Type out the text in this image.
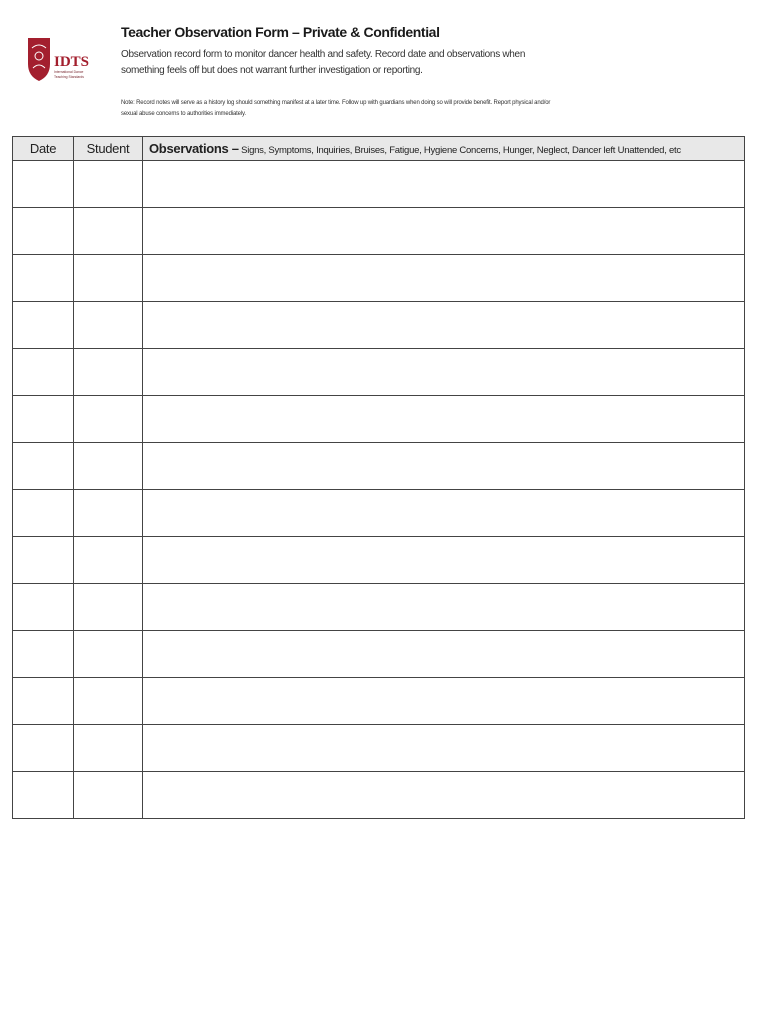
IDTS
International Dance Teaching Standards
Teacher Observation Form – Private & Confidential
Observation record form to monitor dancer health and safety. Record date and observations when something feels off but does not warrant further investigation or reporting.
Note: Record notes will serve as a history log should something manifest at a later time. Follow up with guardians when doing so will provide benefit. Report physical and/or sexual abuse concerns to authorities immediately.
Date	Student	Observations – Signs, Symptoms, Inquiries, Bruises, Fatigue, Hygiene Concerns, Hunger, Neglect, Dancer left Unattended, etc
